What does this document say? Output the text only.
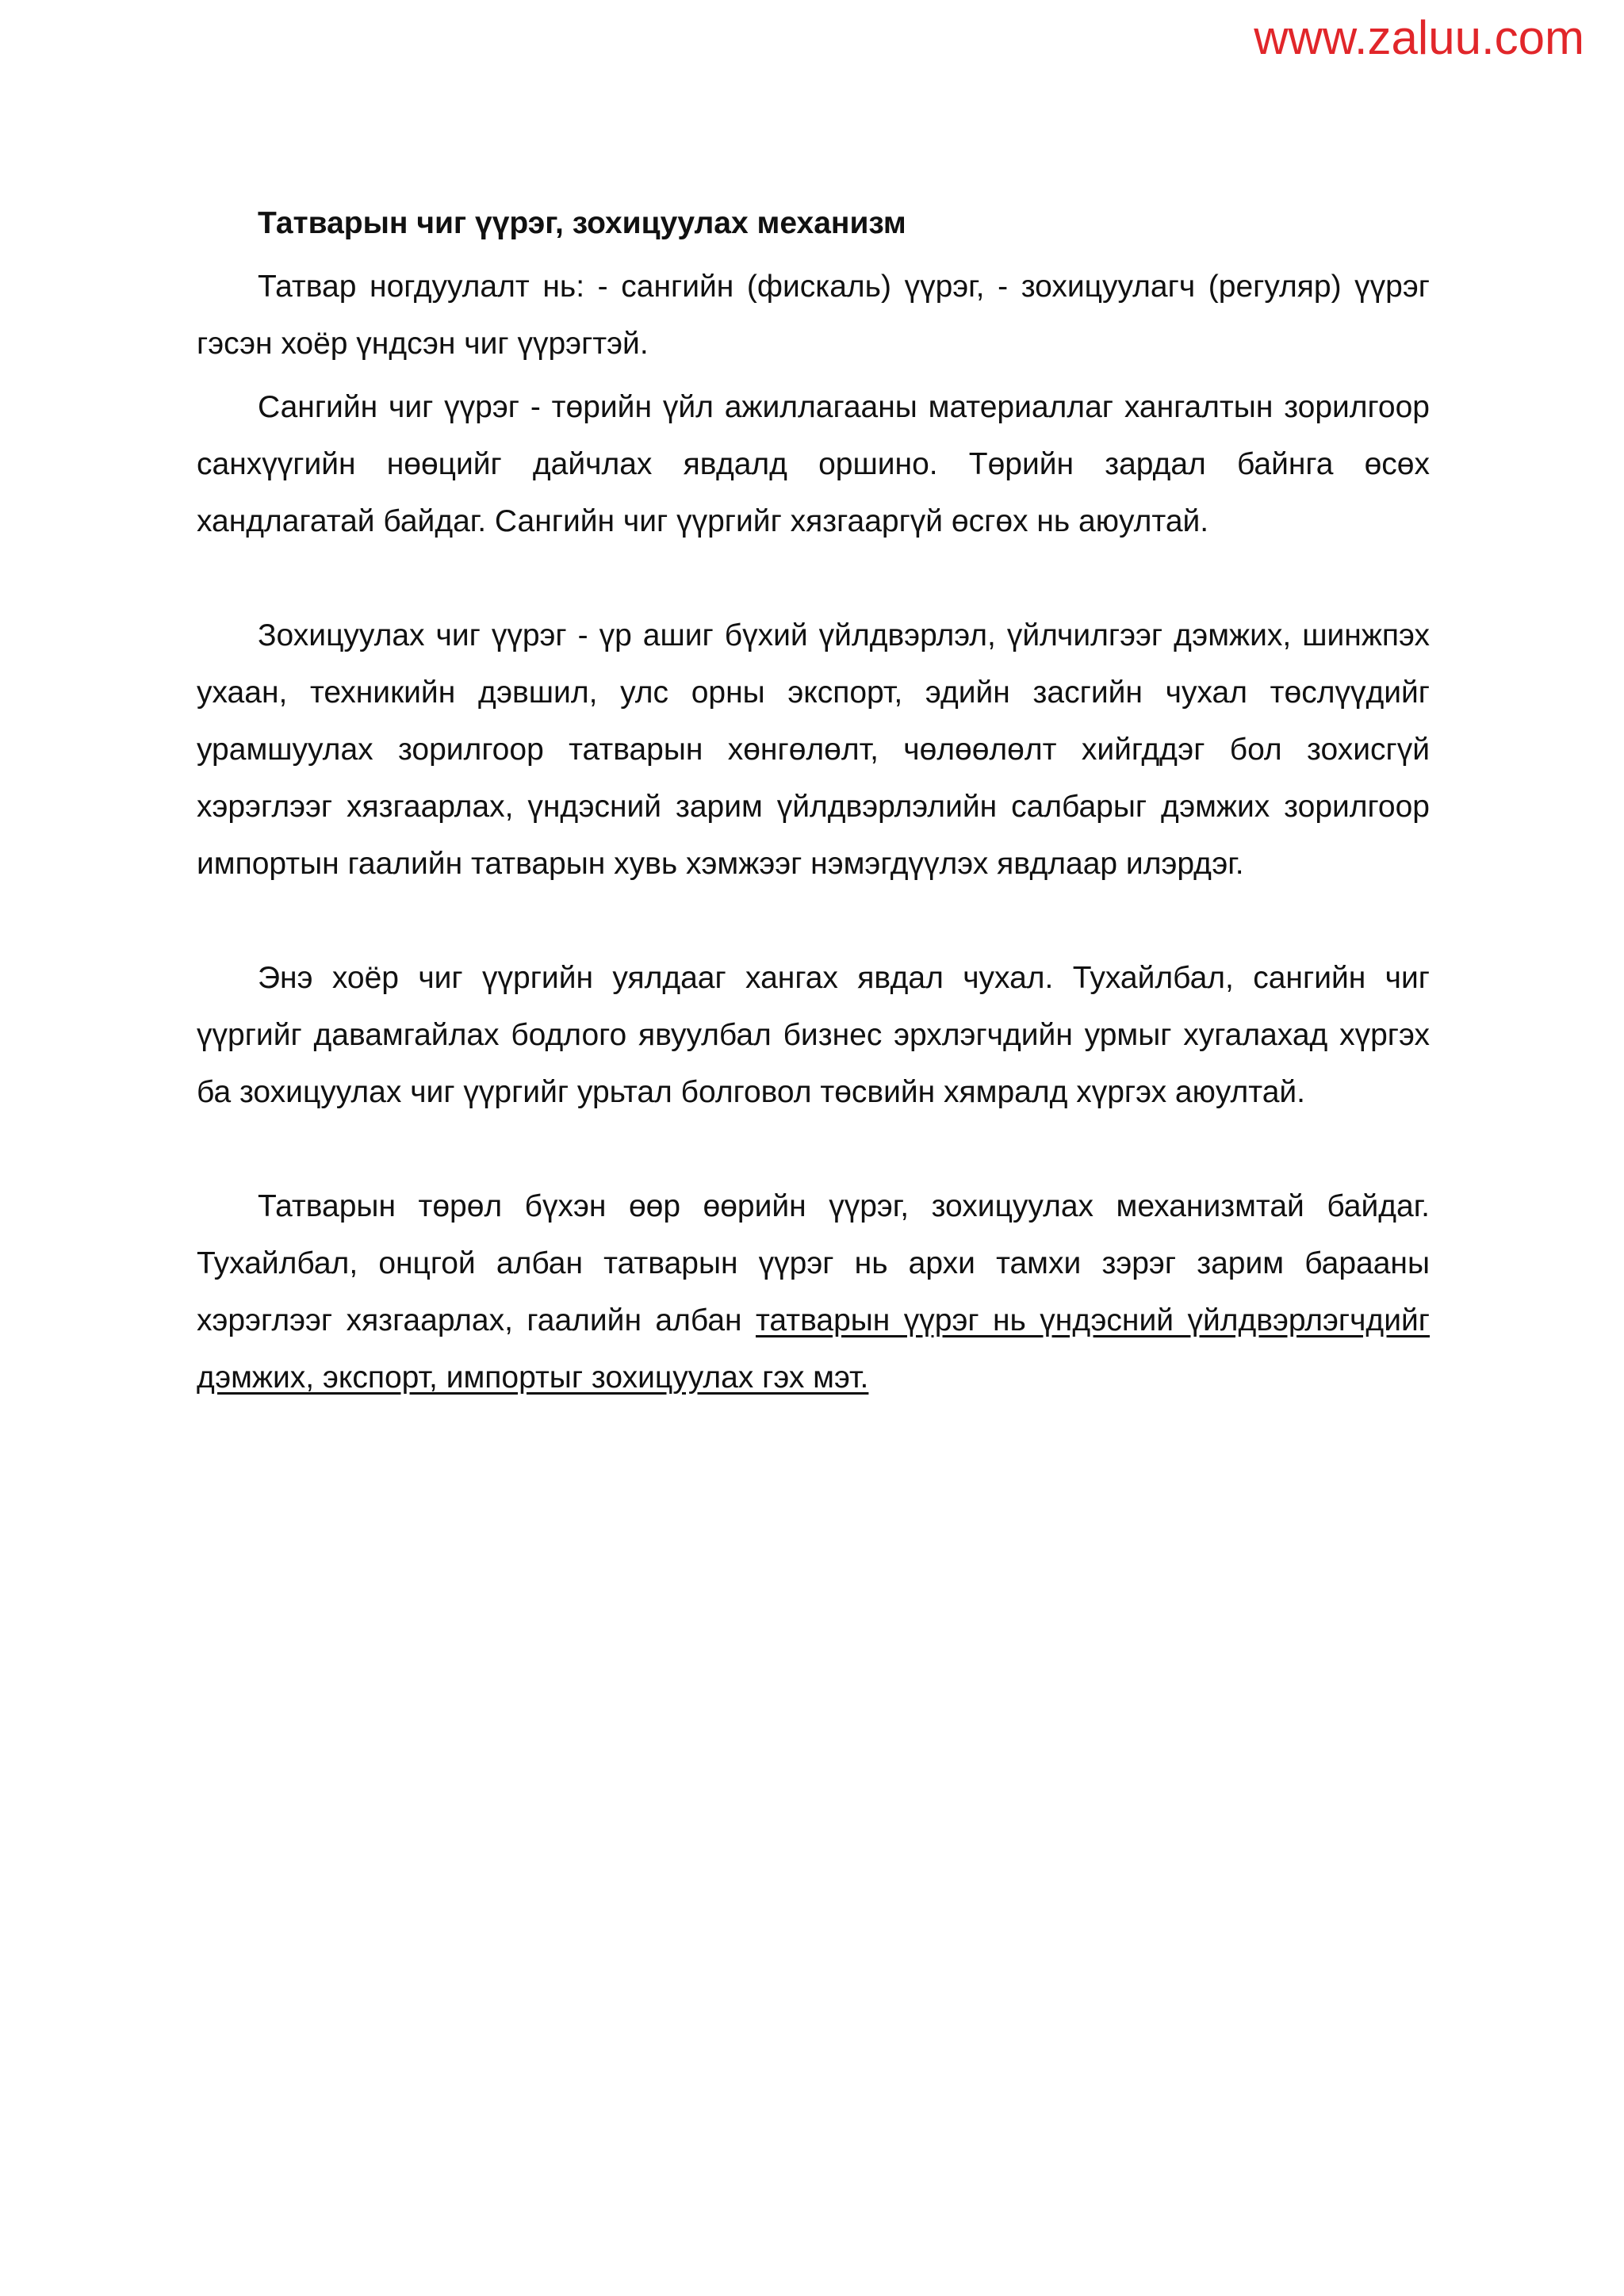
www.zaluu.com

Татварын чиг үүрэг, зохицуулах механизм

Татвар ногдуулалт нь: - сангийн (фискаль) үүрэг, - зохицуулагч (регуляр) үүрэг гэсэн хоёр үндсэн чиг үүрэгтэй.

Сангийн чиг үүрэг - төрийн үйл ажиллагааны материаллаг хангалтын зорилгоор санхүүгийн нөөцийг дайчлах явдалд оршино. Төрийн зардал байнга өсөх хандлагатай байдаг. Сангийн чиг үүргийг хязгааргүй өсгөх нь аюултай.

Зохицуулах чиг үүрэг - үр ашиг бүхий үйлдвэрлэл, үйлчилгээг дэмжих, шинжпэх ухаан, техникийн дэвшил, улс орны экспорт, эдийн засгийн чухал төслүүдийг урамшуулах зорилгоор татварын хөнгөлөлт, чөлөөлөлт хийгддэг бол зохисгүй хэрэглээг хязгаарлах, үндэсний зарим үйлдвэрлэлийн салбарыг дэмжих зорилгоор импортын гаалийн татварын хувь хэмжээг нэмэгдүүлэх явдлаар илэрдэг.

Энэ хоёр чиг үүргийн уялдааг хангах явдал чухал. Тухайлбал, сангийн чиг үүргийг давамгайлах бодлого явуулбал бизнес эрхлэгчдийн урмыг хугалахад хүргэх ба зохицуулах чиг үүргийг урьтал болговол төсвийн хямралд хүргэх аюултай.

Татварын төрөл бүхэн өөр өөрийн үүрэг, зохицуулах механизмтай байдаг. Тухайлбал, онцгой албан татварын үүрэг нь архи тамхи зэрэг зарим барааны хэрэглээг хязгаарлах, гаалийн албан татварын үүрэг нь үндэсний үйлдвэрлэгчдийг дэмжих, экспорт, импортыг зохицуулах гэх мэт.
